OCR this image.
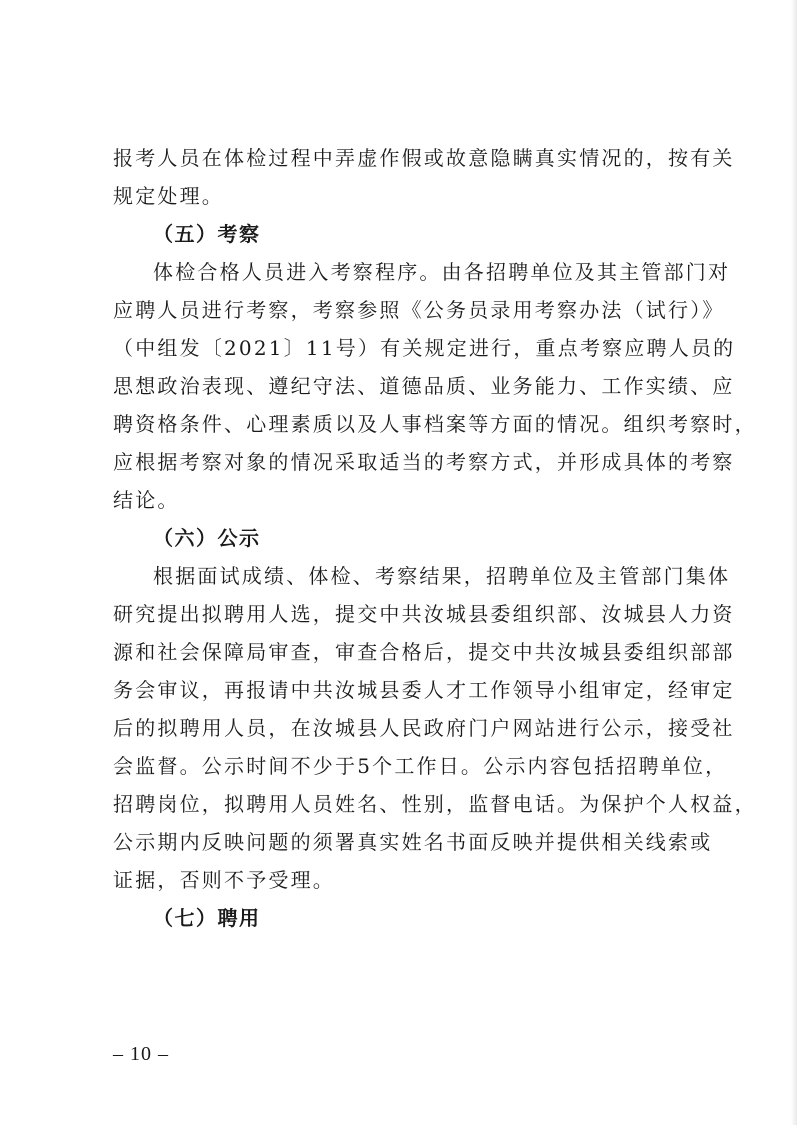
报考人员在体检过程中弄虚作假或故意隐瞒真实情况的，按有关
规定处理。
（五）考察
体检合格人员进入考察程序。由各招聘单位及其主管部门对
应聘人员进行考察，考察参照《公务员录用考察办法（试行）》
（中组发〔2021〕11号）有关规定进行，重点考察应聘人员的
思想政治表现、遵纪守法、道德品质、业务能力、工作实绩、应
聘资格条件、心理素质以及人事档案等方面的情况。组织考察时，
应根据考察对象的情况采取适当的考察方式，并形成具体的考察
结论。
（六）公示
根据面试成绩、体检、考察结果，招聘单位及主管部门集体
研究提出拟聘用人选，提交中共汝城县委组织部、汝城县人力资
源和社会保障局审查，审查合格后，提交中共汝城县委组织部部
务会审议，再报请中共汝城县委人才工作领导小组审定，经审定
后的拟聘用人员，在汝城县人民政府门户网站进行公示，接受社
会监督。公示时间不少于5个工作日。公示内容包括招聘单位，
招聘岗位，拟聘用人员姓名、性别，监督电话。为保护个人权益，
公示期内反映问题的须署真实姓名书面反映并提供相关线索或
证据，否则不予受理。
（七）聘用
– 10 –
